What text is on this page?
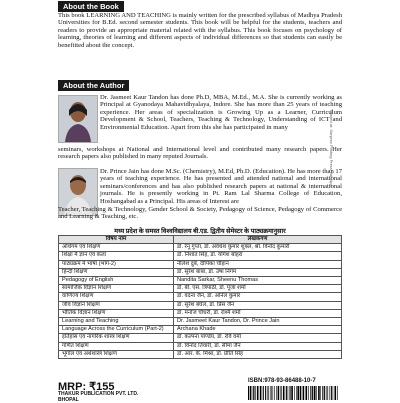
About the Book
This book LEARNING AND TEACHING is mainly written for the prescribed syllabus of Madhya Pradesh Universities for B.Ed. second semester students. This book will be helpful for the students, teachers and readers to provide an appropriate material related with the syllabus. This book focuses on psychology of learning, theories of learning and different aspects of individual differences so that students can easily be benefitted about the concept.
About the Author
Dr. Jasmeet Kaur Tandon has done Ph.D, MBA, M.Ed., M.A. She is currently working as Principal at Gyanodaya Mahavidhyalaya, Indore. She has more than 25 years of teaching experience. Her areas of specialization is Growing Up as a Learner, Curriculum Development & School, Teachers, Teaching & Technology, Understanding of ICT and Environmental Education. Apart from this she has participated in many
seminars, workshops at National and International level and contributed many research papers. Her research papers also published in many reputed Journals.
Dr. Prince Jain has done M.Sc. (Chemistry), M.Ed, Ph.D. (Education). He has more than 17 years of teaching experience. He has presented and attended national and international seminars/conferences and has also published research papers at national & international journals. He is presently working in Pt. Ram Lal Sharma College of Education, Hoshangabad as a Principal. His areas of Interest are
Teacher, Teaching & Technology, Gender School & Society, Pedagogy of Science, Pedagogy of Commerce and Learning & Teaching, etc.
मध्य प्रदेश के समस्त विश्वविद्यालय बी.एड. द्वितीय सेमेस्टर के पाठ्यक्रमानुसार
विषय नाम	लेखकगण
अधिगम एवं शिक्षण	डॉ. रेनू गुप्ता, डॉ. अवधेश कुमार शुक्ल, श्री. विनोद कुमारी
शिक्षा में ज्ञान एवं कला	डॉ. निशांत सिंह, डॉ. योगेश बोहरा
पाठ्यक्रम में भाषा (भाग-2)	नीलेश दुबे, दीपिका चौहान
हिन्दी शिक्षण	डॉ. सुरेश बाबा, डॉ. उषा निगम
Pedagogy of English	Nandita Sarkar, Sheenu Thomas
सामाजिक विज्ञान शिक्षण	डॉ. बी. एस. त्रिपाठी, डॉ. पूजा शर्मा
वाणिज्य शिक्षण	डॉ. वंदना जैन, डॉ. अनिल कुमार
जीव विज्ञान शिक्षण	डॉ. सुरेश बघेल, डॉ. प्रिंस जैन
भौतिक विज्ञान शिक्षण	डॉ. मनोज चौधरी, डॉ. रश्मि शर्मा
Learning and Teaching	Dr. Jasmeet Kaur Tandon, Dr. Prince Jain
Language Across the Curriculum (Part-2)	Archana Khade
इतिहास एवं नागरिक शास्त्र शिक्षण	डॉ. कल्पना पाण्डेय, डॉ. रवि वर्मा
गणित शिक्षण	डॉ. विनोद तिवारी, डॉ. सीमा जैन
भूगोल एवं अर्थशास्त्र शिक्षण	डॉ. आर. के. मिश्रा, डॉ. प्रीति सिंह
Printed at: Sanjeev Printing Press, Jabalpur
MRP: ₹155
THAKUR PUBLICATION PVT. LTD.
BHOPAL
ISBN:978-93-86488-10-7
